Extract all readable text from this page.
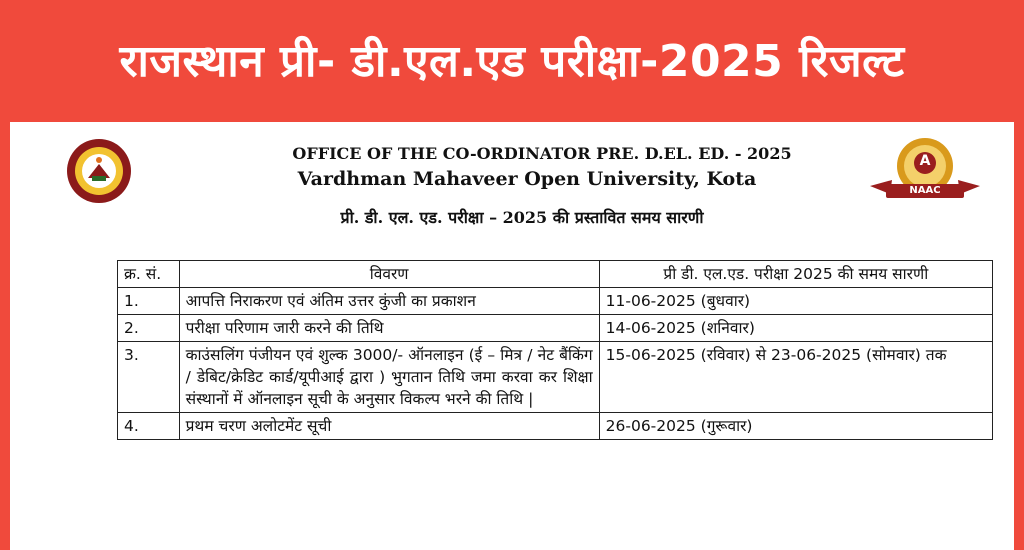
राजस्थान प्री- डी.एल.एड परीक्षा-2025 रिजल्ट
OFFICE OF THE CO-ORDINATOR PRE. D.EL. ED. - 2025
Vardhman Mahaveer Open University, Kota
A
NAAC
प्री. डी. एल. एड. परीक्षा – 2025 की प्रस्तावित समय सारणी
क्र. सं.	विवरण	प्री डी. एल.एड. परीक्षा 2025 की समय सारणी
1.	आपत्ति निराकरण एवं अंतिम उत्तर कुंजी का प्रकाशन	11-06-2025 (बुधवार)
2.	परीक्षा परिणाम जारी करने की तिथि	14-06-2025 (शनिवार)
3.	काउंसलिंग पंजीयन एवं शुल्क 3000/- ऑनलाइन (ई – मित्र / नेट बैंकिंग / डेबिट/क्रेडिट कार्ड/यूपीआई द्वारा ) भुगतान तिथि जमा करवा कर शिक्षा संस्थानों में ऑनलाइन सूची के अनुसार विकल्प भरने की तिथि |	15-06-2025 (रविवार) से 23-06-2025 (सोमवार) तक
4.	प्रथम चरण अलोटमेंट सूची	26-06-2025 (गुरूवार)
